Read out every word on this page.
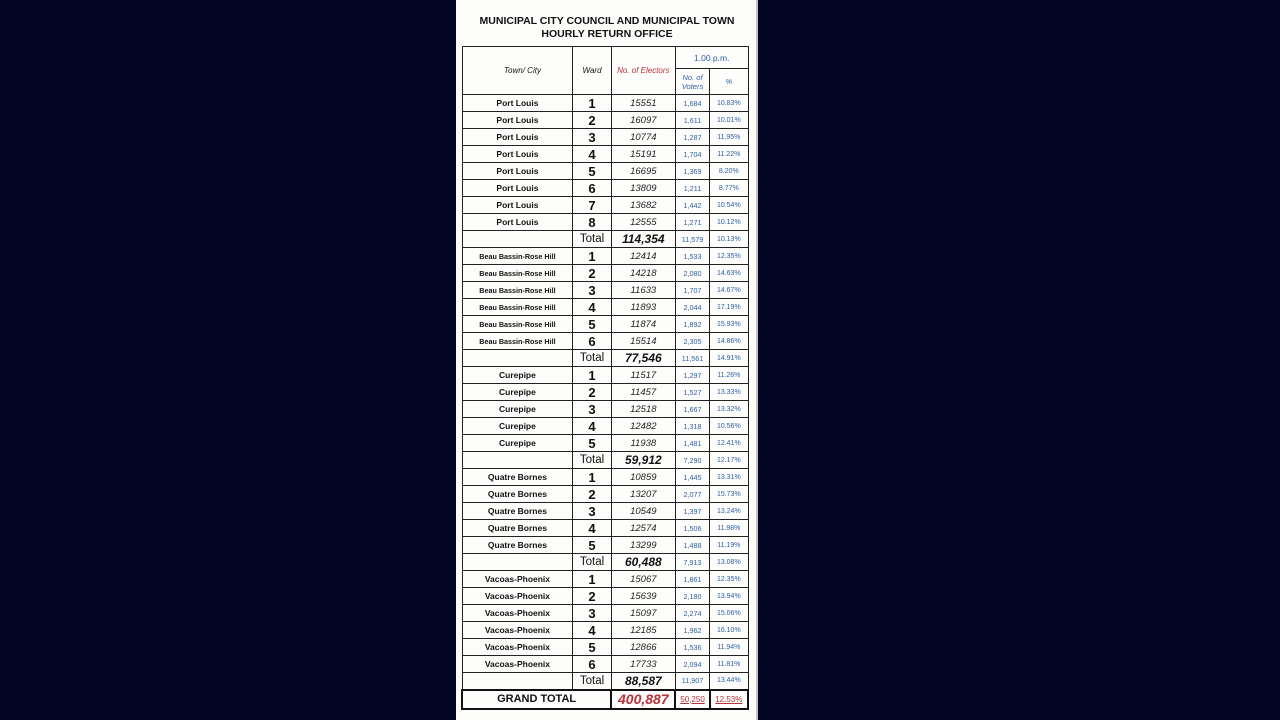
MUNICIPAL CITY COUNCIL AND MUNICIPAL TOWN
HOURLY RETURN OFFICE
Town/ City	Ward	No. of Electors	1.00 p.m.	
			No. of Voters	%
Port Louis	1	15551	1,684	10.83%
Port Louis	2	16097	1,611	10.01%
Port Louis	3	10774	1,287	11.95%
Port Louis	4	15191	1,704	11.22%
Port Louis	5	16695	1,369	8.20%
Port Louis	6	13809	1,211	8.77%
Port Louis	7	13682	1,442	10.54%
Port Louis	8	12555	1,271	10.12%
	Total	114,354	11,579	10.13%
Beau Bassin-Rose Hill	1	12414	1,533	12.35%
Beau Bassin-Rose Hill	2	14218	2,080	14.63%
Beau Bassin-Rose Hill	3	11633	1,707	14.67%
Beau Bassin-Rose Hill	4	11893	2,044	17.19%
Beau Bassin-Rose Hill	5	11874	1,892	15.93%
Beau Bassin-Rose Hill	6	15514	2,305	14.86%
	Total	77,546	11,561	14.91%
Curepipe	1	11517	1,297	11.26%
Curepipe	2	11457	1,527	13.33%
Curepipe	3	12518	1,667	13.32%
Curepipe	4	12482	1,318	10.56%
Curepipe	5	11938	1,481	12.41%
	Total	59,912	7,290	12.17%
Quatre Bornes	1	10859	1,445	13.31%
Quatre Bornes	2	13207	2,077	15.73%
Quatre Bornes	3	10549	1,397	13.24%
Quatre Bornes	4	12574	1,506	11.98%
Quatre Bornes	5	13299	1,488	11.19%
	Total	60,488	7,913	13.08%
Vacoas-Phoenix	1	15067	1,861	12.35%
Vacoas-Phoenix	2	15639	2,180	13.94%
Vacoas-Phoenix	3	15097	2,274	15.06%
Vacoas-Phoenix	4	12185	1,962	16.10%
Vacoas-Phoenix	5	12866	1,536	11.94%
Vacoas-Phoenix	6	17733	2,094	11.81%
	Total	88,587	11,907	13.44%
GRAND TOTAL		400,887	50,250	12.53%
